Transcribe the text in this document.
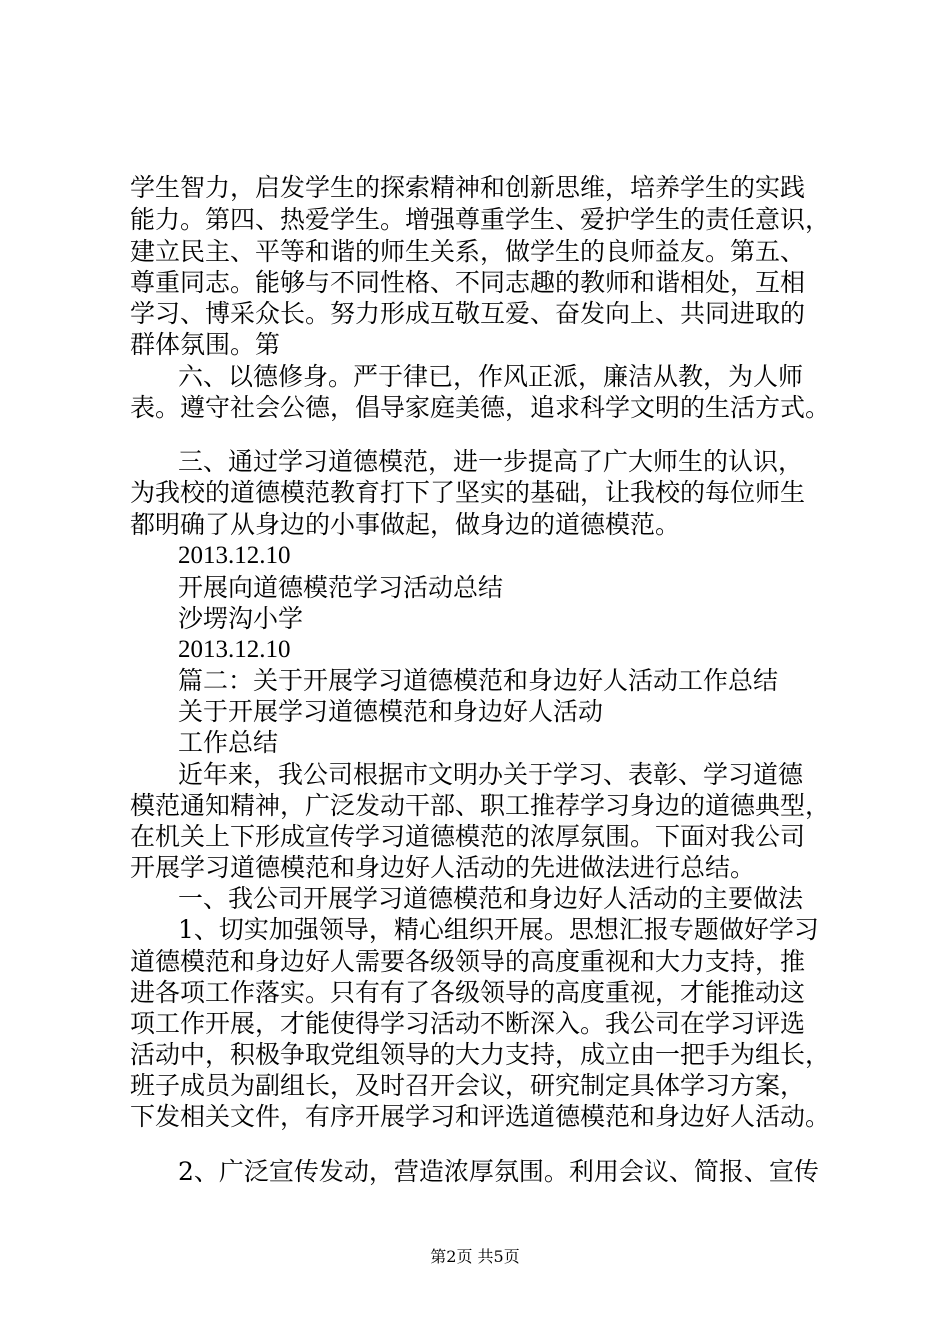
学生智力，启发学生的探索精神和创新思维，培养学生的实践
能力。第四、热爱学生。增强尊重学生、爱护学生的责任意识，
建立民主、平等和谐的师生关系，做学生的良师益友。第五、
尊重同志。能够与不同性格、不同志趣的教师和谐相处，互相
学习、博采众长。努力形成互敬互爱、奋发向上、共同进取的
群体氛围。第
六、以德修身。严于律已，作风正派，廉洁从教，为人师
表。遵守社会公德，倡导家庭美德，追求科学文明的生活方式。
三、通过学习道德模范，进一步提高了广大师生的认识，
为我校的道德模范教育打下了坚实的基础，让我校的每位师生
都明确了从身边的小事做起，做身边的道德模范。
2013.12.10
开展向道德模范学习活动总结
沙塄沟小学
2013.12.10
篇二：关于开展学习道德模范和身边好人活动工作总结
关于开展学习道德模范和身边好人活动
工作总结
近年来，我公司根据市文明办关于学习、表彰、学习道德
模范通知精神，广泛发动干部、职工推荐学习身边的道德典型，
在机关上下形成宣传学习道德模范的浓厚氛围。下面对我公司
开展学习道德模范和身边好人活动的先进做法进行总结。
一、我公司开展学习道德模范和身边好人活动的主要做法
1、切实加强领导，精心组织开展。思想汇报专题做好学习
道德模范和身边好人需要各级领导的高度重视和大力支持，推
进各项工作落实。只有有了各级领导的高度重视，才能推动这
项工作开展，才能使得学习活动不断深入。我公司在学习评选
活动中，积极争取党组领导的大力支持，成立由一把手为组长，
班子成员为副组长，及时召开会议，研究制定具体学习方案，
下发相关文件，有序开展学习和评选道德模范和身边好人活动。
2、广泛宣传发动，营造浓厚氛围。利用会议、简报、宣传
第2页 共5页
